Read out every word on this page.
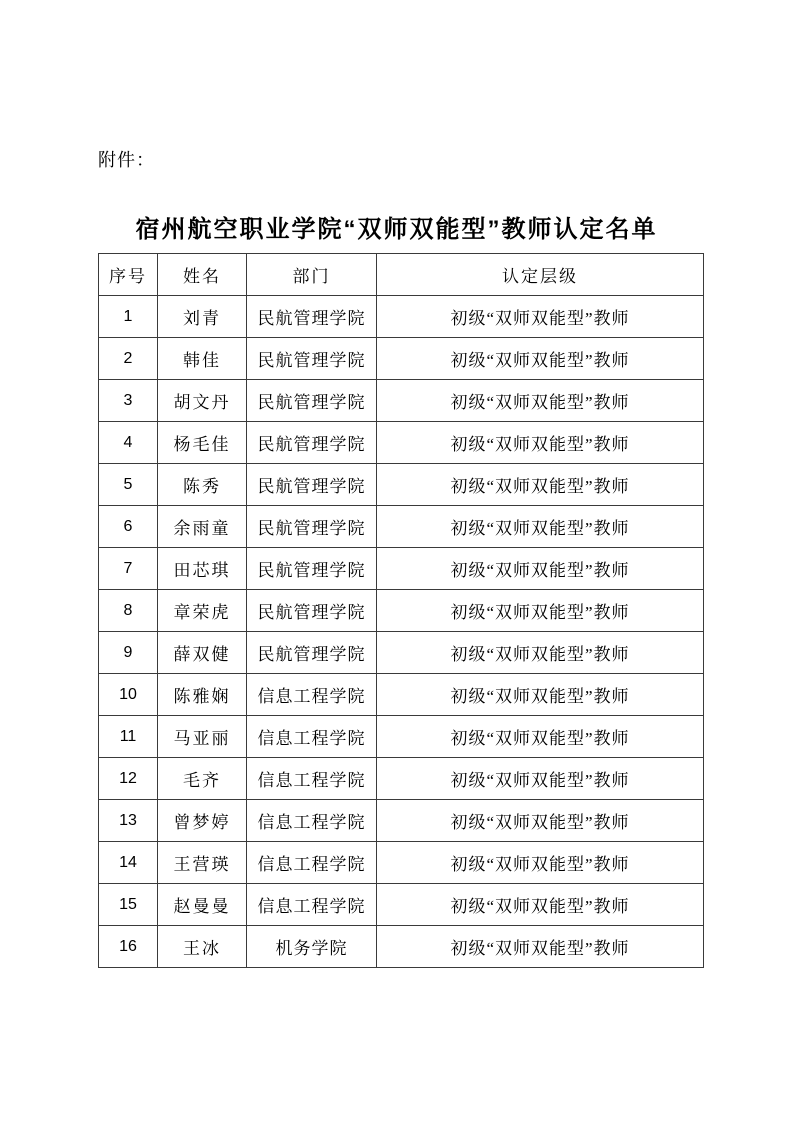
附件：
宿州航空职业学院“双师双能型”教师认定名单
序号	姓名	部门	认定层级
1	刘青	民航管理学院	初级“双师双能型”教师
2	韩佳	民航管理学院	初级“双师双能型”教师
3	胡文丹	民航管理学院	初级“双师双能型”教师
4	杨毛佳	民航管理学院	初级“双师双能型”教师
5	陈秀	民航管理学院	初级“双师双能型”教师
6	余雨童	民航管理学院	初级“双师双能型”教师
7	田芯琪	民航管理学院	初级“双师双能型”教师
8	章荣虎	民航管理学院	初级“双师双能型”教师
9	薛双健	民航管理学院	初级“双师双能型”教师
10	陈雅娴	信息工程学院	初级“双师双能型”教师
11	马亚丽	信息工程学院	初级“双师双能型”教师
12	毛齐	信息工程学院	初级“双师双能型”教师
13	曾梦婷	信息工程学院	初级“双师双能型”教师
14	王营瑛	信息工程学院	初级“双师双能型”教师
15	赵曼曼	信息工程学院	初级“双师双能型”教师
16	王冰	机务学院	初级“双师双能型”教师
